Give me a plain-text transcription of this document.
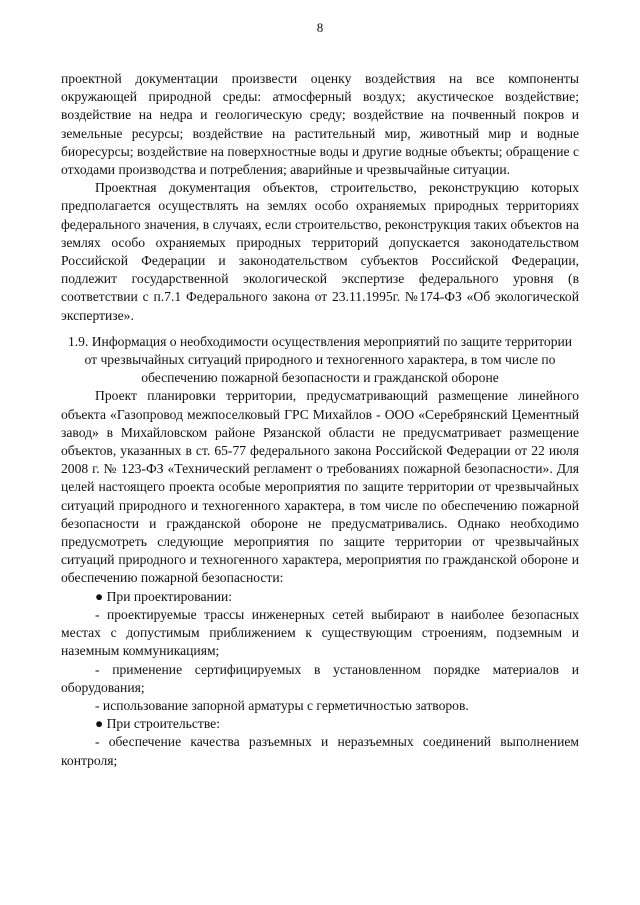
8

проектной документации произвести оценку воздействия на все компоненты окружающей природной среды: атмосферный воздух; акустическое воздействие; воздействие на недра и геологическую среду; воздействие на почвенный покров и земельные ресурсы; воздействие на растительный мир, животный мир и водные биоресурсы; воздействие на поверхностные воды и другие водные объекты; обращение с отходами производства и потребления; аварийные и чрезвычайные ситуации.

Проектная документация объектов, строительство, реконструкцию которых предполагается осуществлять на землях особо охраняемых природных территориях федерального значения, в случаях, если строительство, реконструкция таких объектов на землях особо охраняемых природных территорий допускается законодательством Российской Федерации и законодательством субъектов Российской Федерации, подлежит государственной экологической экспертизе федерального уровня (в соответствии с п.7.1 Федерального закона от 23.11.1995г. №174-ФЗ «Об экологической экспертизе».

1.9. Информация о необходимости осуществления мероприятий по защите территории от чрезвычайных ситуаций природного и техногенного характера, в том числе по обеспечению пожарной безопасности и гражданской обороне

Проект планировки территории, предусматривающий размещение линейного объекта «Газопровод межпоселковый ГРС Михайлов - ООО «Серебрянский Цементный завод» в Михайловском районе Рязанской области не предусматривает размещение объектов, указанных в ст. 65-77 федерального закона Российской Федерации от 22 июля 2008 г. № 123-ФЗ «Технический регламент о требованиях пожарной безопасности». Для целей настоящего проекта особые мероприятия по защите территории от чрезвычайных ситуаций природного и техногенного характера, в том числе по обеспечению пожарной безопасности и гражданской обороне не предусматривались. Однако необходимо предусмотреть следующие мероприятия по защите территории от чрезвычайных ситуаций природного и техногенного характера, мероприятия по гражданской обороне и обеспечению пожарной безопасности:

● При проектировании:

- проектируемые трассы инженерных сетей выбирают в наиболее безопасных местах с допустимым приближением к существующим строениям, подземным и наземным коммуникациям;

- применение сертифицируемых в установленном порядке материалов и оборудования;

- использование запорной арматуры с герметичностью затворов.

● При строительстве:

- обеспечение качества разъемных и неразъемных соединений выполнением контроля;
